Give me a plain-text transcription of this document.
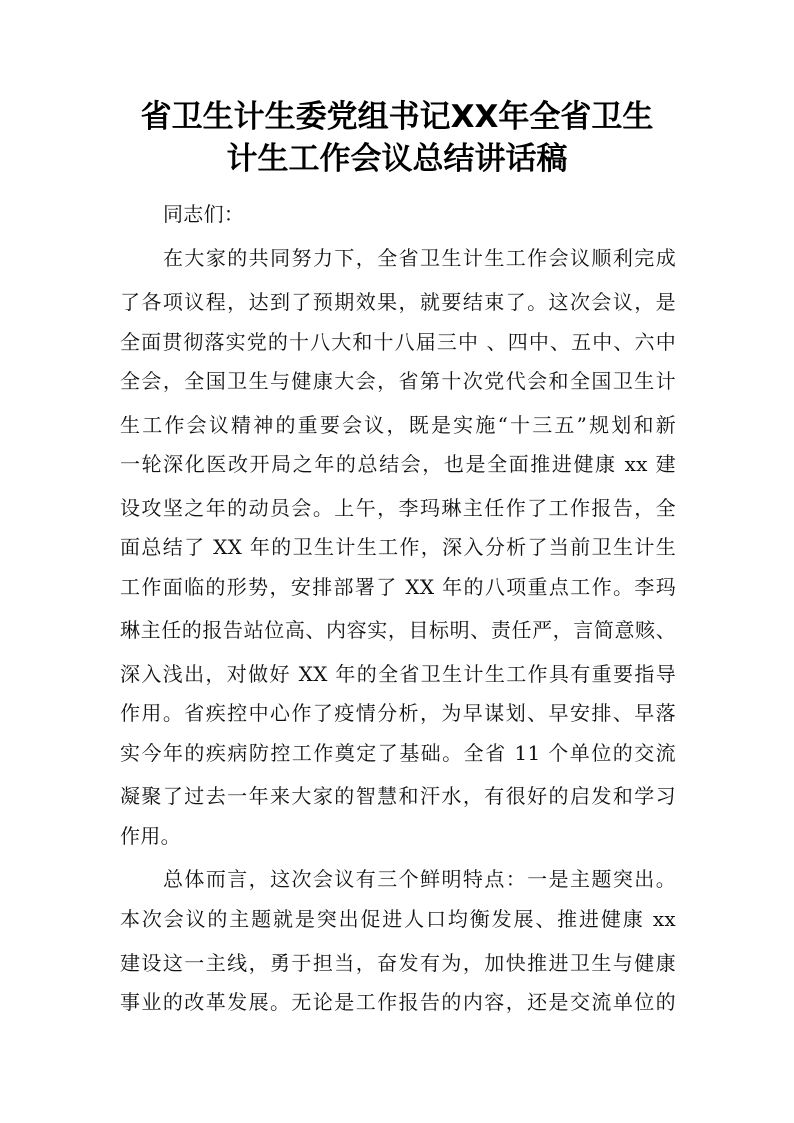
省卫生计生委党组书记XX年全省卫生
计生工作会议总结讲话稿
同志们：
在大家的共同努力下，全省卫生计生工作会议顺利完成
了各项议程，达到了预期效果，就要结束了。这次会议，是
全面贯彻落实党的十八大和十八届三中 、四中、五中、六中
全会，全国卫生与健康大会，省第十次党代会和全国卫生计
生工作会议精神的重要会议，既是实施“十三五”规划和新
一轮深化医改开局之年的总结会，也是全面推进健康 xx 建
设攻坚之年的动员会。上午，李玛琳主任作了工作报告，全
面总结了 XX 年的卫生计生工作，深入分析了当前卫生计生
工作面临的形势，安排部署了 XX 年的八项重点工作。李玛
琳主任的报告站位高、内容实，目标明、责任严，言简意赅、
深入浅出，对做好 XX 年的全省卫生计生工作具有重要指导
作用。省疾控中心作了疫情分析，为早谋划、早安排、早落
实今年的疾病防控工作奠定了基础。全省 11 个单位的交流
凝聚了过去一年来大家的智慧和汗水，有很好的启发和学习
作用。
总体而言，这次会议有三个鲜明特点：一是主题突出。
本次会议的主题就是突出促进人口均衡发展、推进健康 xx
建设这一主线，勇于担当，奋发有为，加快推进卫生与健康
事业的改革发展。无论是工作报告的内容，还是交流单位的
